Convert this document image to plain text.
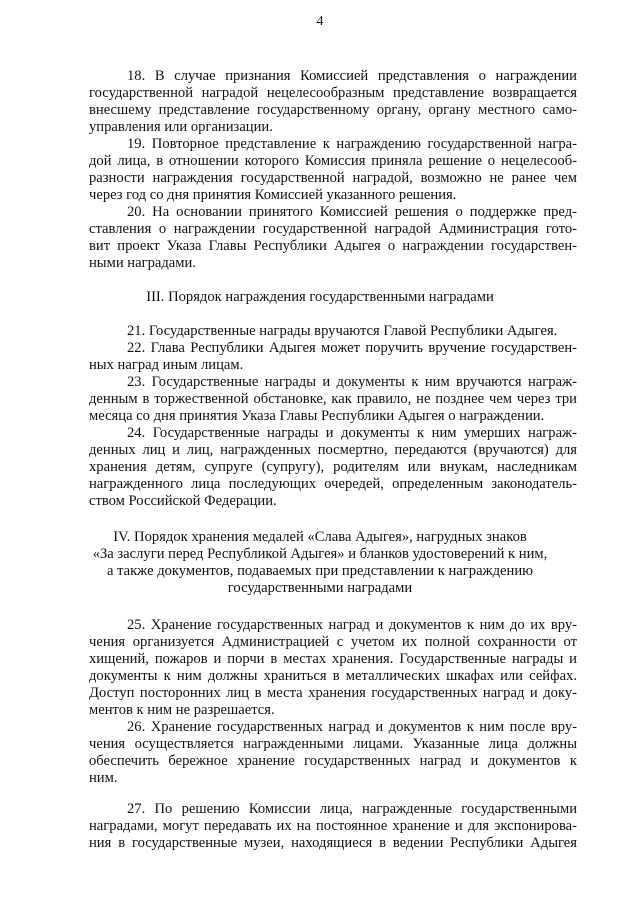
4
18. В случае признания Комиссией представления о награждении
государственной наградой нецелесообразным представление возвращается
внесшему представление государственному органу, органу местного само-
управления или организации.
19. Повторное представление к награждению государственной награ-
дой лица, в отношении которого Комиссия приняла решение о нецелесооб-
разности награждения государственной наградой, возможно не ранее чем
через год со дня принятия Комиссией указанного решения.
20. На основании принятого Комиссией решения о поддержке пред-
ставления о награждении государственной наградой Администрация гото-
вит проект Указа Главы Республики Адыгея о награждении государствен-
ными наградами.
III. Порядок награждения государственными наградами
21. Государственные награды вручаются Главой Республики Адыгея.
22. Глава Республики Адыгея может поручить вручение государствен-
ных наград иным лицам.
23. Государственные награды и документы к ним вручаются награж-
денным в торжественной обстановке, как правило, не позднее чем через три
месяца со дня принятия Указа Главы Республики Адыгея о награждении.
24. Государственные награды и документы к ним умерших награж-
денных лиц и лиц, награжденных посмертно, передаются (вручаются) для
хранения детям, супруге (супругу), родителям или внукам, наследникам
награжденного лица последующих очередей, определенным законодатель-
ством Российской Федерации.
IV. Порядок хранения медалей «Слава Адыгея», нагрудных знаков
«За заслуги перед Республикой Адыгея» и бланков удостоверений к ним,
а также документов, подаваемых при представлении к награждению
государственными наградами
25. Хранение государственных наград и документов к ним до их вру-
чения организуется Администрацией с учетом их полной сохранности от
хищений, пожаров и порчи в местах хранения. Государственные награды и
документы к ним должны храниться в металлических шкафах или сейфах.
Доступ посторонних лиц в места хранения государственных наград и доку-
ментов к ним не разрешается.
26. Хранение государственных наград и документов к ним после вру-
чения осуществляется награжденными лицами. Указанные лица должны
обеспечить бережное хранение государственных наград и документов к
ним.
27. По решению Комиссии лица, награжденные государственными
наградами, могут передавать их на постоянное хранение и для экспонирова-
ния в государственные музеи, находящиеся в ведении Республики Адыгея
